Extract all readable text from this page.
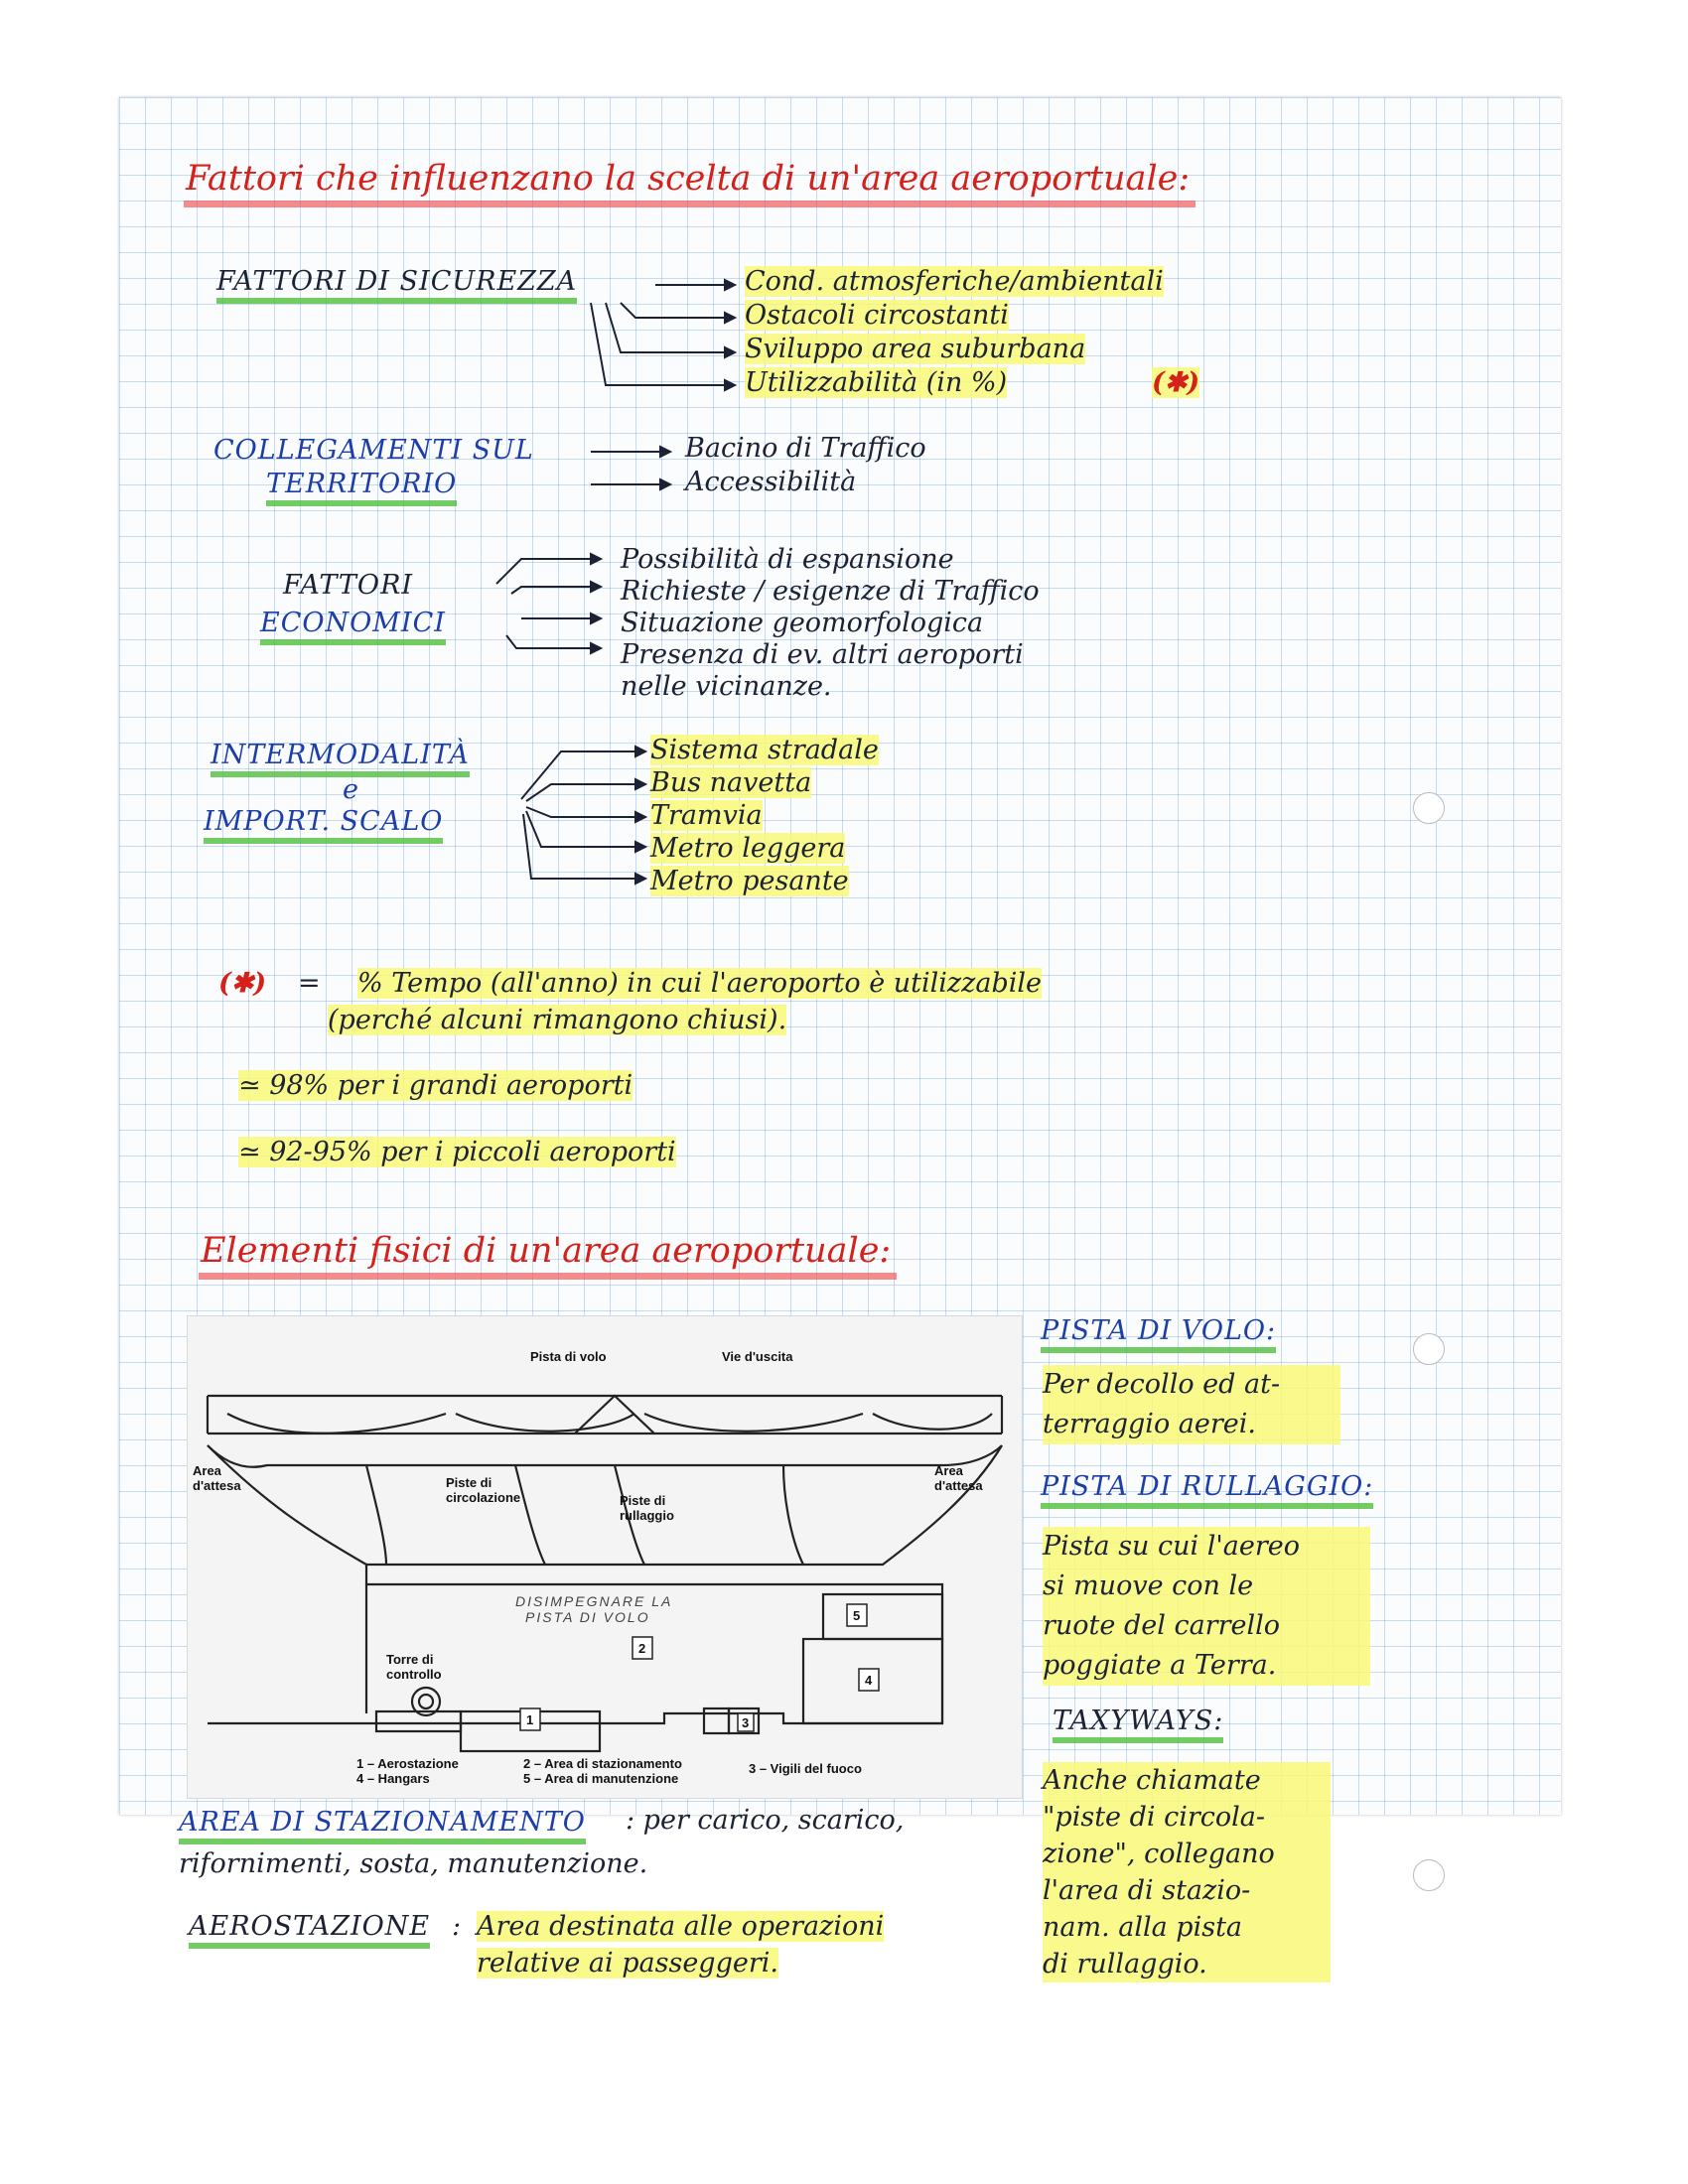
Fattori che influenzano la scelta di un'area aeroportuale:
FATTORI DI SICUREZZA	Cond. atmosferiche/ambientali
Ostacoli circostanti
Sviluppo area suburbana
Utilizzabilità (in %)	(✱)
COLLEGAMENTI SUL
TERRITORIO
Bacino di Traffico
Accessibilità
FATTORI
ECONOMICI
Possibilità di espansione
Richieste / esigenze di Traffico
Situazione geomorfologica
Presenza di ev. altri aeroporti
nelle vicinanze.
INTERMODALITÀ
e
IMPORT. SCALO
Sistema stradale
Bus navetta
Tramvia
Metro leggera
Metro pesante
(✱) = % Tempo (all'anno) in cui l'aeroporto è utilizzabile
(perché alcuni rimangono chiusi).
≃ 98% per i grandi aeroporti
≃ 92-95% per i piccoli aeroporti
Elementi fisici di un'area aeroportuale:
Pista di volo	Vie d'uscita
Area
d'attesa
Area
d'attesa
Piste di
circolazione	Piste di
rullaggio
Torre di
controllo
1 – Aerostazione
4 – Hangars
2 – Area di stazionamento
5 – Area di manutenzione
3 – Vigili del fuoco
DISIMPEGNARE LA
PISTA DI VOLO
1
2
3
4
5
PISTA DI VOLO:
Per decollo ed at-
terraggio aerei.
PISTA DI RULLAGGIO:
Pista su cui l'aereo
si muove con le
ruote del carrello
poggiate a Terra.
TAXYWAYS:
Anche chiamate
"piste di circola-
zione", collegano
l'area di stazio-
nam. alla pista
di rullaggio.
AREA DI STAZIONAMENTO : per carico, scarico,
rifornimenti, sosta, manutenzione.
AEROSTAZIONE : Area destinata alle operazioni
relative ai passeggeri.
